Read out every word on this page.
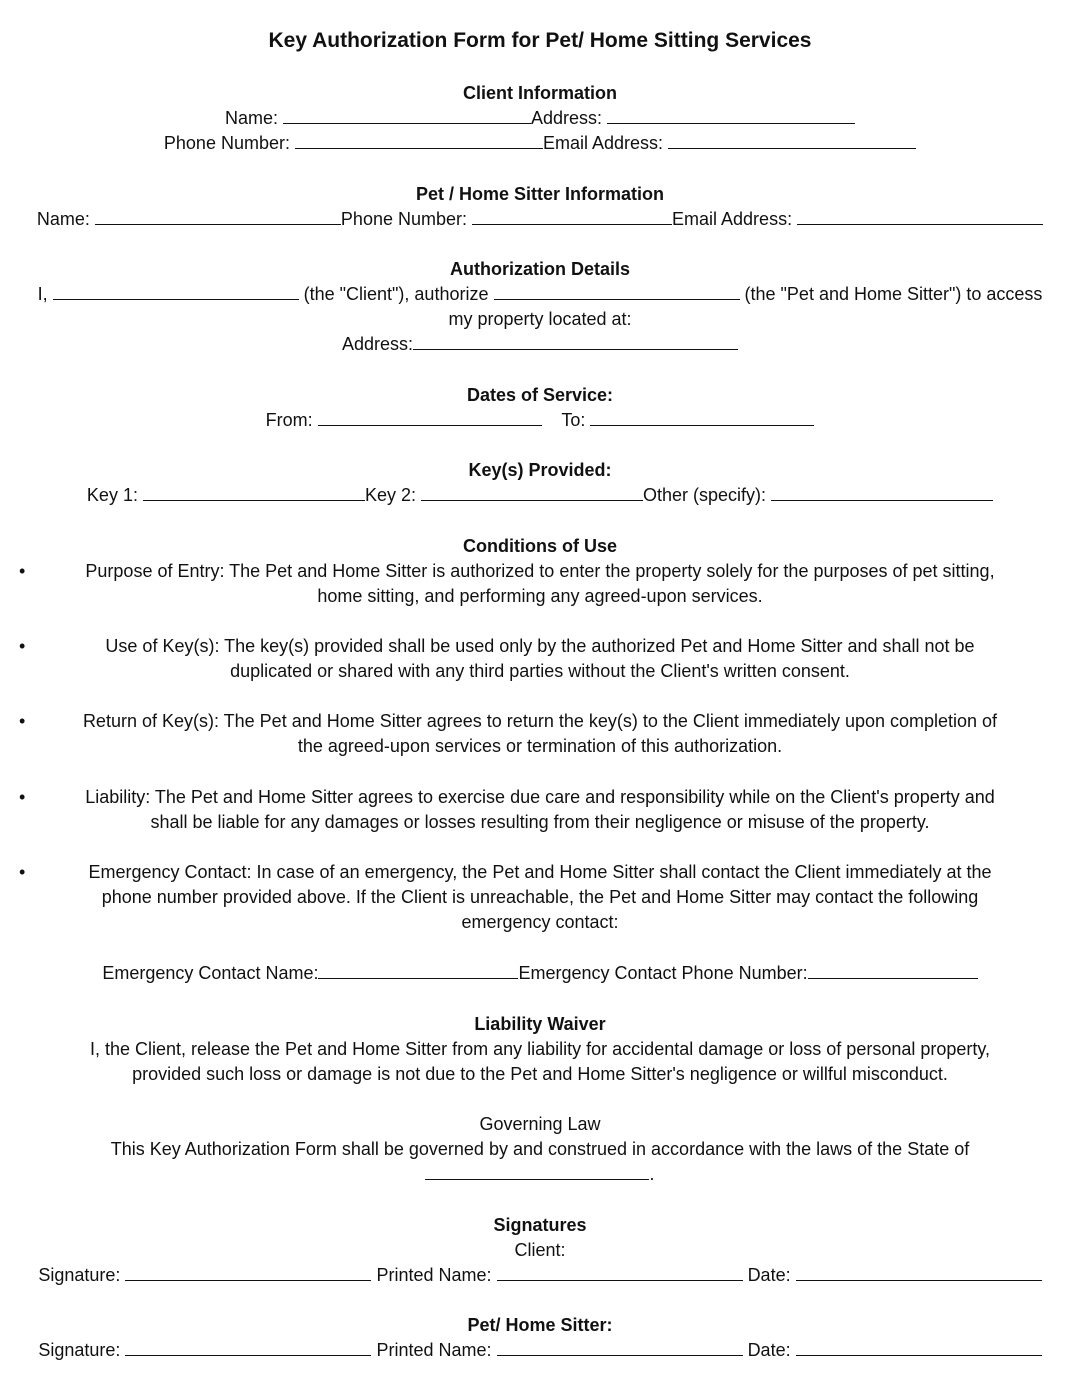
Key Authorization Form for Pet/ Home Sitting Services
Client Information
Name:	Address:
Phone Number:	Email Address:
Pet / Home Sitter Information
Name:	Phone Number:	Email Address:
Authorization Details
I,	(the "Client"), authorize	(the "Pet and Home Sitter") to access
my property located at:
Address:
Dates of Service:
From:	To:
Key(s) Provided:
Key 1:	Key 2:	Other (specify):
Conditions of Use
•	Purpose of Entry: The Pet and Home Sitter is authorized to enter the property solely for the purposes of pet sitting,
home sitting, and performing any agreed-upon services.
•	Use of Key(s): The key(s) provided shall be used only by the authorized Pet and Home Sitter and shall not be
duplicated or shared with any third parties without the Client's written consent.
•	Return of Key(s): The Pet and Home Sitter agrees to return the key(s) to the Client immediately upon completion of
the agreed-upon services or termination of this authorization.
•	Liability: The Pet and Home Sitter agrees to exercise due care and responsibility while on the Client's property and
shall be liable for any damages or losses resulting from their negligence or misuse of the property.
•	Emergency Contact: In case of an emergency, the Pet and Home Sitter shall contact the Client immediately at the
phone number provided above. If the Client is unreachable, the Pet and Home Sitter may contact the following
emergency contact:
Emergency Contact Name:	Emergency Contact Phone Number:
Liability Waiver
I, the Client, release the Pet and Home Sitter from any liability for accidental damage or loss of personal property,
provided such loss or damage is not due to the Pet and Home Sitter's negligence or willful misconduct.
Governing Law
This Key Authorization Form shall be governed by and construed in accordance with the laws of the State of
.
Signatures
Client:
Signature:	Printed Name:	Date:
Pet/ Home Sitter:
Signature:	Printed Name:	Date:
